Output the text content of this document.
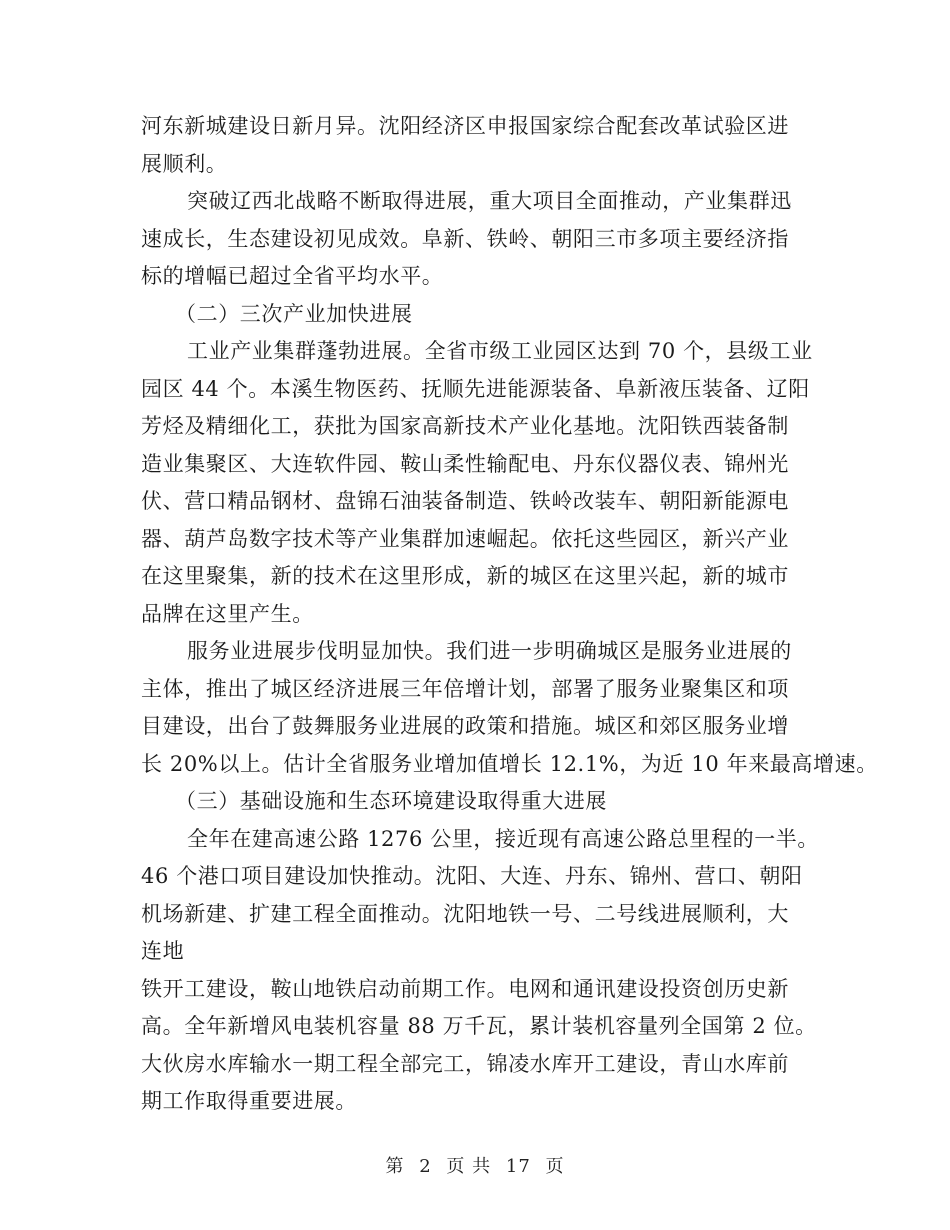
河东新城建设日新月异。沈阳经济区申报国家综合配套改革试验区进
展顺利。
突破辽西北战略不断取得进展，重大项目全面推动，产业集群迅
速成长，生态建设初见成效。阜新、铁岭、朝阳三市多项主要经济指
标的增幅已超过全省平均水平。
（二）三次产业加快进展
工业产业集群蓬勃进展。全省市级工业园区达到 70 个，县级工业
园区 44 个。本溪生物医药、抚顺先进能源装备、阜新液压装备、辽阳
芳烃及精细化工，获批为国家高新技术产业化基地。沈阳铁西装备制
造业集聚区、大连软件园、鞍山柔性输配电、丹东仪器仪表、锦州光
伏、营口精品钢材、盘锦石油装备制造、铁岭改装车、朝阳新能源电
器、葫芦岛数字技术等产业集群加速崛起。依托这些园区，新兴产业
在这里聚集，新的技术在这里形成，新的城区在这里兴起，新的城市
品牌在这里产生。
服务业进展步伐明显加快。我们进一步明确城区是服务业进展的
主体，推出了城区经济进展三年倍增计划，部署了服务业聚集区和项
目建设，出台了鼓舞服务业进展的政策和措施。城区和郊区服务业增
长 20%以上。估计全省服务业增加值增长 12.1%，为近 10 年来最高增速。
（三）基础设施和生态环境建设取得重大进展
全年在建高速公路 1276 公里，接近现有高速公路总里程的一半。
46 个港口项目建设加快推动。沈阳、大连、丹东、锦州、营口、朝阳
机场新建、扩建工程全面推动。沈阳地铁一号、二号线进展顺利，大
连地
铁开工建设，鞍山地铁启动前期工作。电网和通讯建设投资创历史新
高。全年新增风电装机容量 88 万千瓦，累计装机容量列全国第 2 位。
大伙房水库输水一期工程全部完工，锦凌水库开工建设，青山水库前
期工作取得重要进展。
第 2 页 共 17 页
